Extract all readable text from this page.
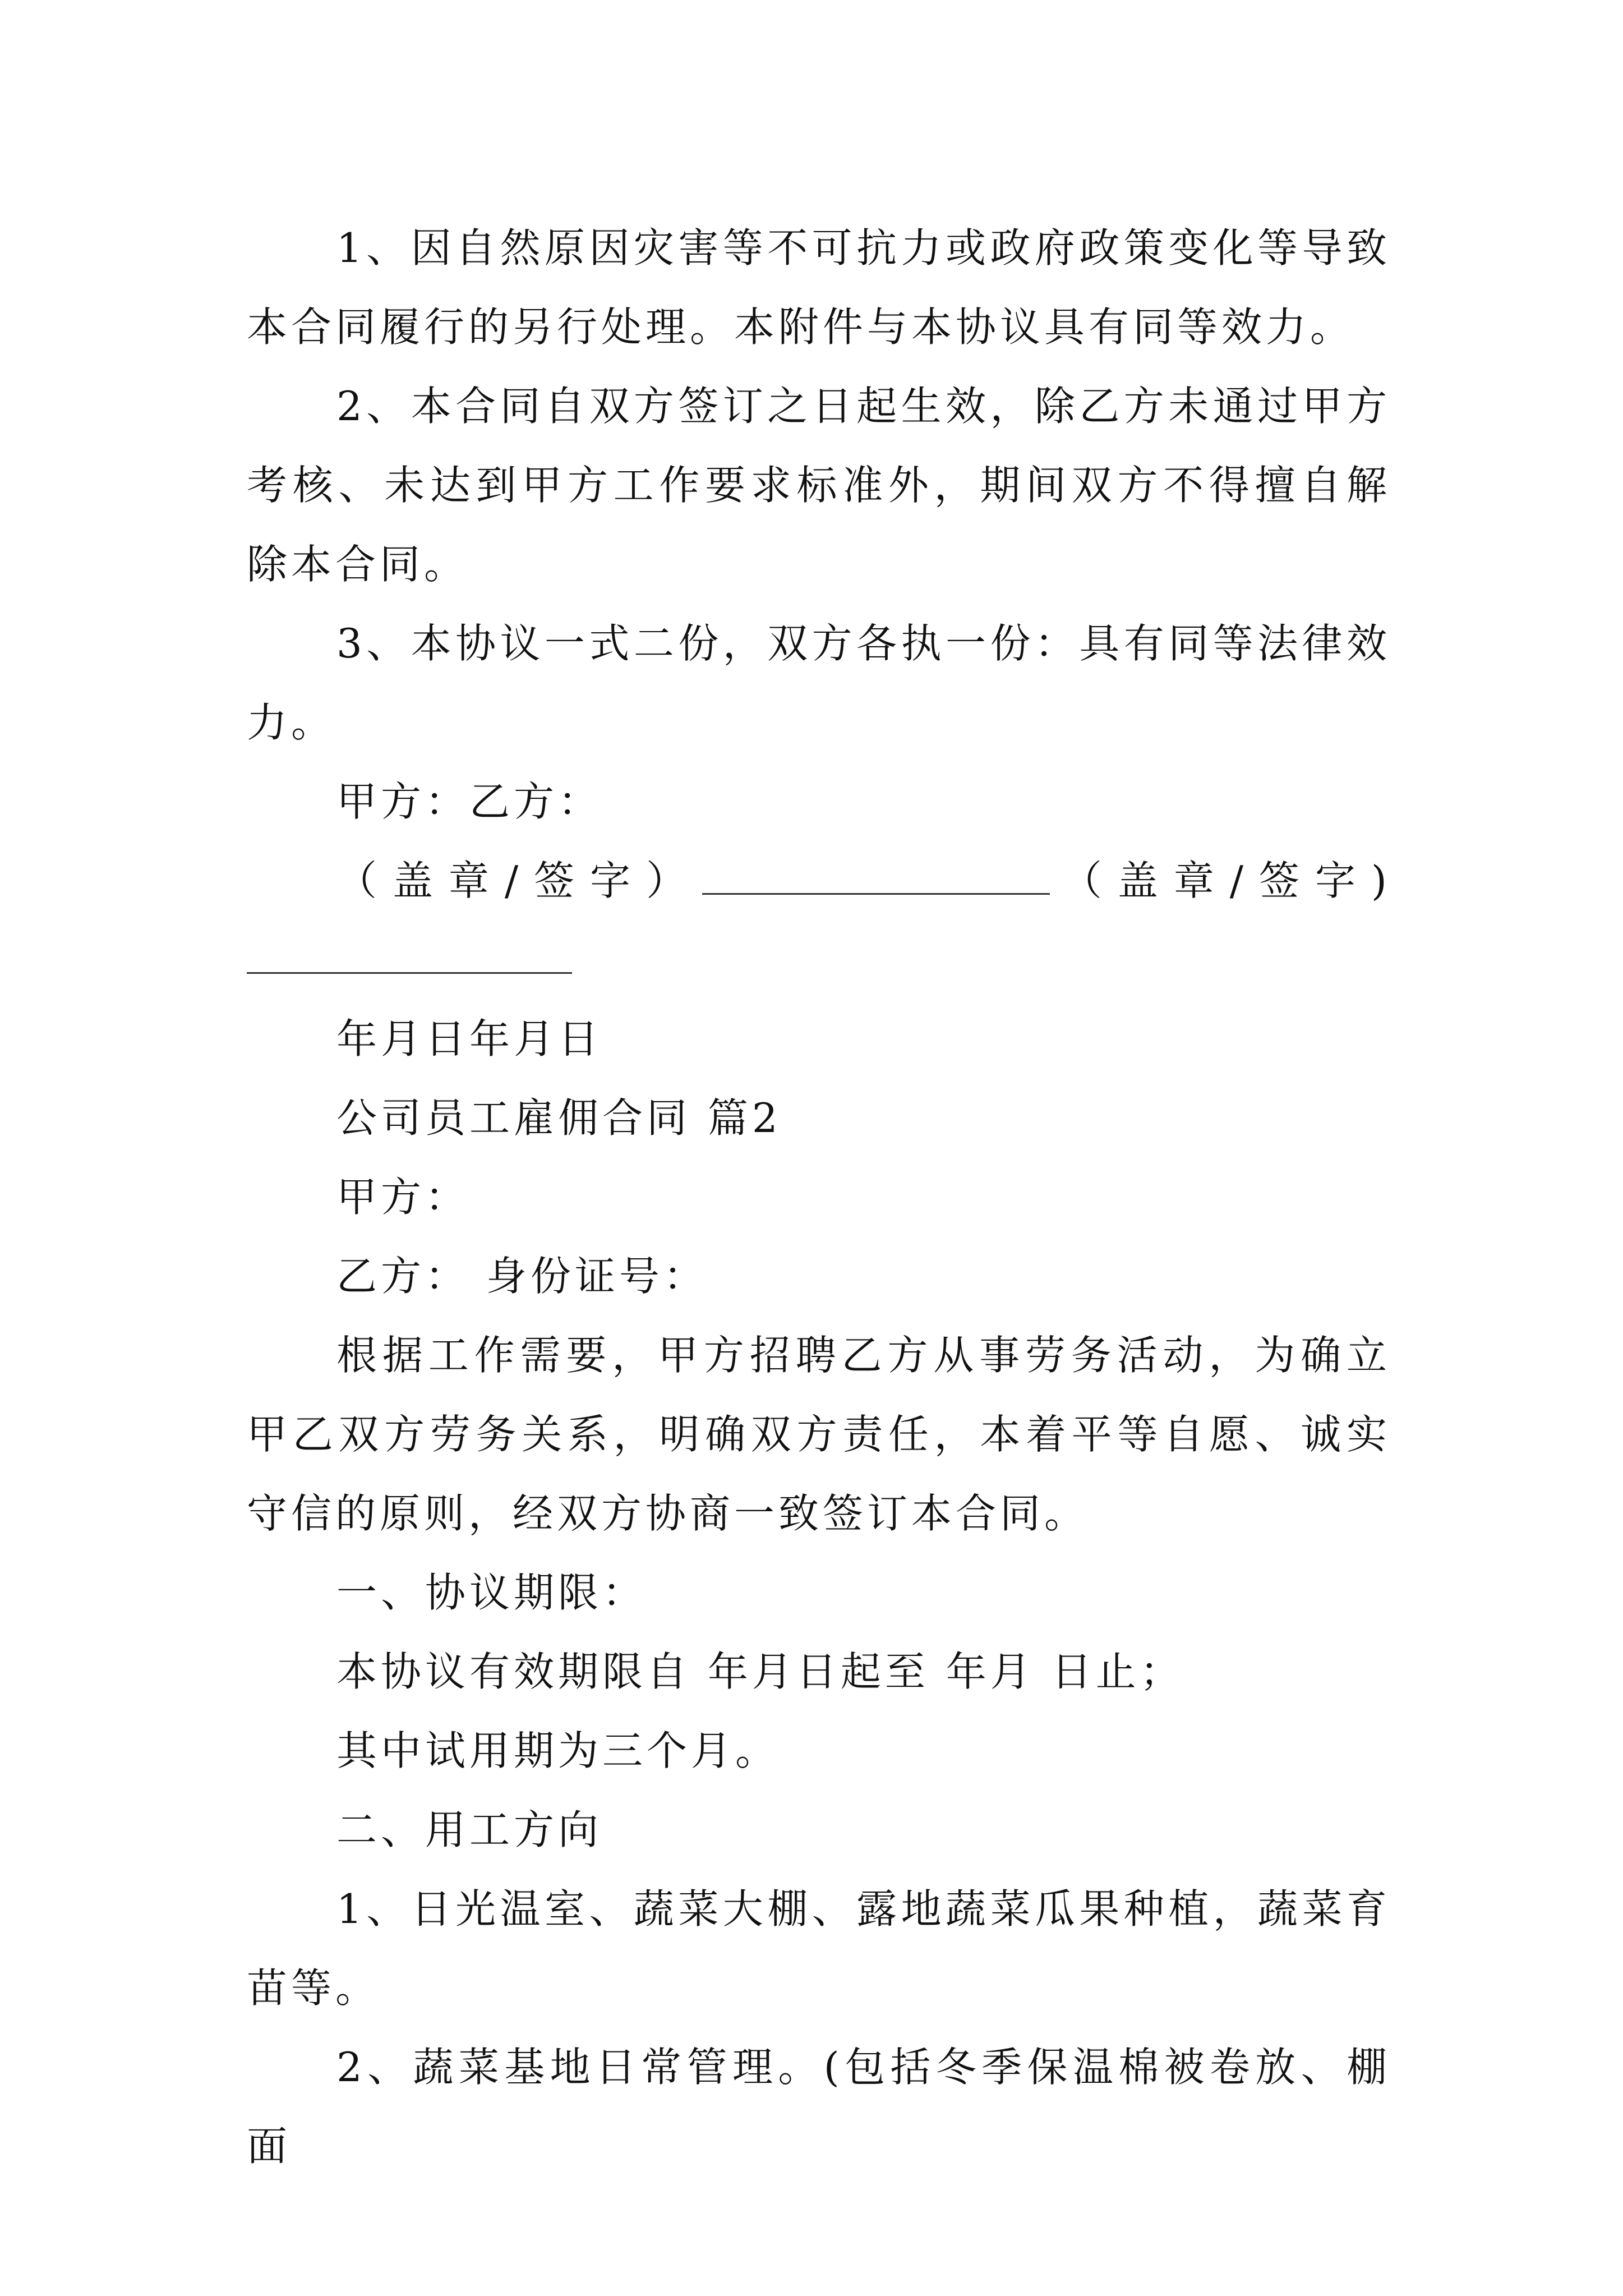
1、因自然原因灾害等不可抗力或政府政策变化等导致本合同履行的另行处理。本附件与本协议具有同等效力。

2、本合同自双方签订之日起生效，除乙方未通过甲方考核、未达到甲方工作要求标准外，期间双方不得擅自解除本合同。

3、本协议一式二份，双方各执一份：具有同等法律效力。

甲方：乙方：

（盖章/签字）	（盖章/签字)

年月日年月日

公司员工雇佣合同 篇2

甲方：

乙方： 身份证号：

根据工作需要，甲方招聘乙方从事劳务活动，为确立甲乙双方劳务关系，明确双方责任，本着平等自愿、诚实守信的原则，经双方协商一致签订本合同。

一、协议期限：

本协议有效期限自 年月日起至 年月 日止；

其中试用期为三个月。

二、用工方向

1、日光温室、蔬菜大棚、露地蔬菜瓜果种植，蔬菜育苗等。

2、蔬菜基地日常管理。(包括冬季保温棉被卷放、棚面
